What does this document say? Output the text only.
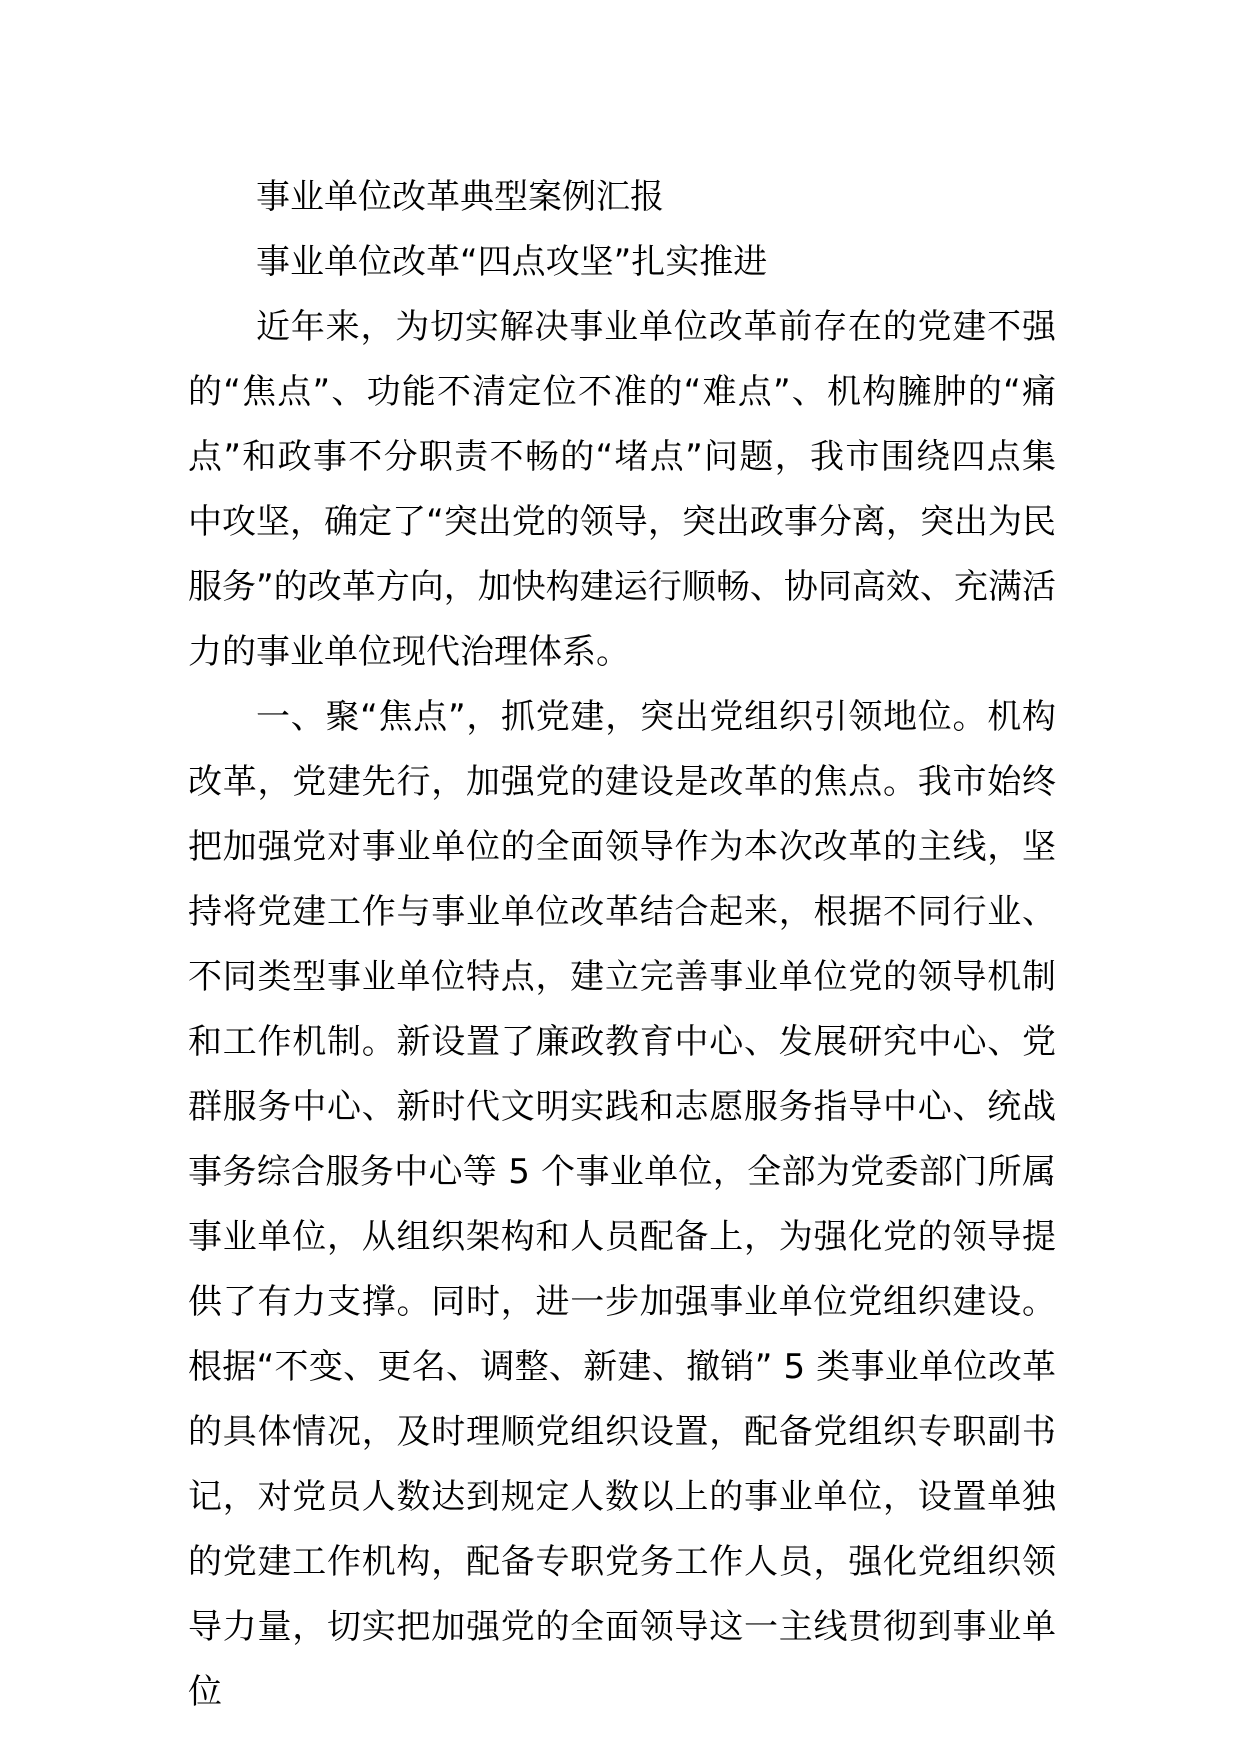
事业单位改革典型案例汇报

事业单位改革“四点攻坚”扎实推进

近年来，为切实解决事业单位改革前存在的党建不强的“焦点”、功能不清定位不准的“难点”、机构臃肿的“痛点”和政事不分职责不畅的“堵点”问题，我市围绕四点集中攻坚，确定了“突出党的领导，突出政事分离，突出为民服务”的改革方向，加快构建运行顺畅、协同高效、充满活力的事业单位现代治理体系。

一、聚“焦点”，抓党建，突出党组织引领地位。机构改革，党建先行，加强党的建设是改革的焦点。我市始终把加强党对事业单位的全面领导作为本次改革的主线，坚持将党建工作与事业单位改革结合起来，根据不同行业、不同类型事业单位特点，建立完善事业单位党的领导机制和工作机制。新设置了廉政教育中心、发展研究中心、党群服务中心、新时代文明实践和志愿服务指导中心、统战事务综合服务中心等 5 个事业单位，全部为党委部门所属事业单位，从组织架构和人员配备上，为强化党的领导提供了有力支撑。同时，进一步加强事业单位党组织建设。根据“不变、更名、调整、新建、撤销” 5 类事业单位改革的具体情况，及时理顺党组织设置，配备党组织专职副书记，对党员人数达到规定人数以上的事业单位，设置单独的党建工作机构，配备专职党务工作人员，强化党组织领导力量，切实把加强党的全面领导这一主线贯彻到事业单位
